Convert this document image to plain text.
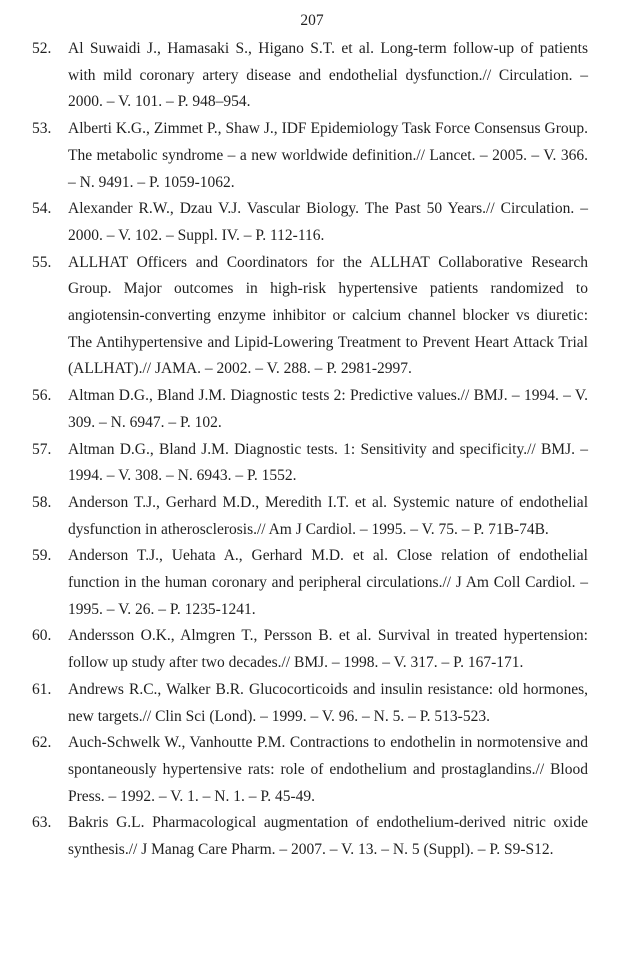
207
52. Al Suwaidi J., Hamasaki S., Higano S.T. et al. Long-term follow-up of patients with mild coronary artery disease and endothelial dysfunction.// Circulation. – 2000. – V. 101. – P. 948–954.
53. Alberti K.G., Zimmet P., Shaw J., IDF Epidemiology Task Force Consensus Group. The metabolic syndrome – a new worldwide definition.// Lancet. – 2005. – V. 366. – N. 9491. – P. 1059-1062.
54. Alexander R.W., Dzau V.J. Vascular Biology. The Past 50 Years.// Circulation. – 2000. – V. 102. – Suppl. IV. – P. 112-116.
55. ALLHAT Officers and Coordinators for the ALLHAT Collaborative Research Group. Major outcomes in high-risk hypertensive patients randomized to angiotensin-converting enzyme inhibitor or calcium channel blocker vs diuretic: The Antihypertensive and Lipid-Lowering Treatment to Prevent Heart Attack Trial (ALLHAT).// JAMA. – 2002. – V. 288. – P. 2981-2997.
56. Altman D.G., Bland J.M. Diagnostic tests 2: Predictive values.// BMJ. – 1994. – V. 309. – N. 6947. – P. 102.
57. Altman D.G., Bland J.M. Diagnostic tests. 1: Sensitivity and specificity.// BMJ. – 1994. – V. 308. – N. 6943. – P. 1552.
58. Anderson T.J., Gerhard M.D., Meredith I.T. et al. Systemic nature of endothelial dysfunction in atherosclerosis.// Am J Cardiol. – 1995. – V. 75. – P. 71B-74B.
59. Anderson T.J., Uehata A., Gerhard M.D. et al. Close relation of endothelial function in the human coronary and peripheral circulations.// J Am Coll Cardiol. – 1995. – V. 26. – P. 1235-1241.
60. Andersson O.K., Almgren T., Persson B. et al. Survival in treated hypertension: follow up study after two decades.// BMJ. – 1998. – V. 317. – P. 167-171.
61. Andrews R.C., Walker B.R. Glucocorticoids and insulin resistance: old hormones, new targets.// Clin Sci (Lond). – 1999. – V. 96. – N. 5. – P. 513-523.
62. Auch-Schwelk W., Vanhoutte P.M. Contractions to endothelin in normotensive and spontaneously hypertensive rats: role of endothelium and prostaglandins.// Blood Press. – 1992. – V. 1. – N. 1. – P. 45-49.
63. Bakris G.L. Pharmacological augmentation of endothelium-derived nitric oxide synthesis.// J Manag Care Pharm. – 2007. – V. 13. – N. 5 (Suppl). – P. S9-S12.
